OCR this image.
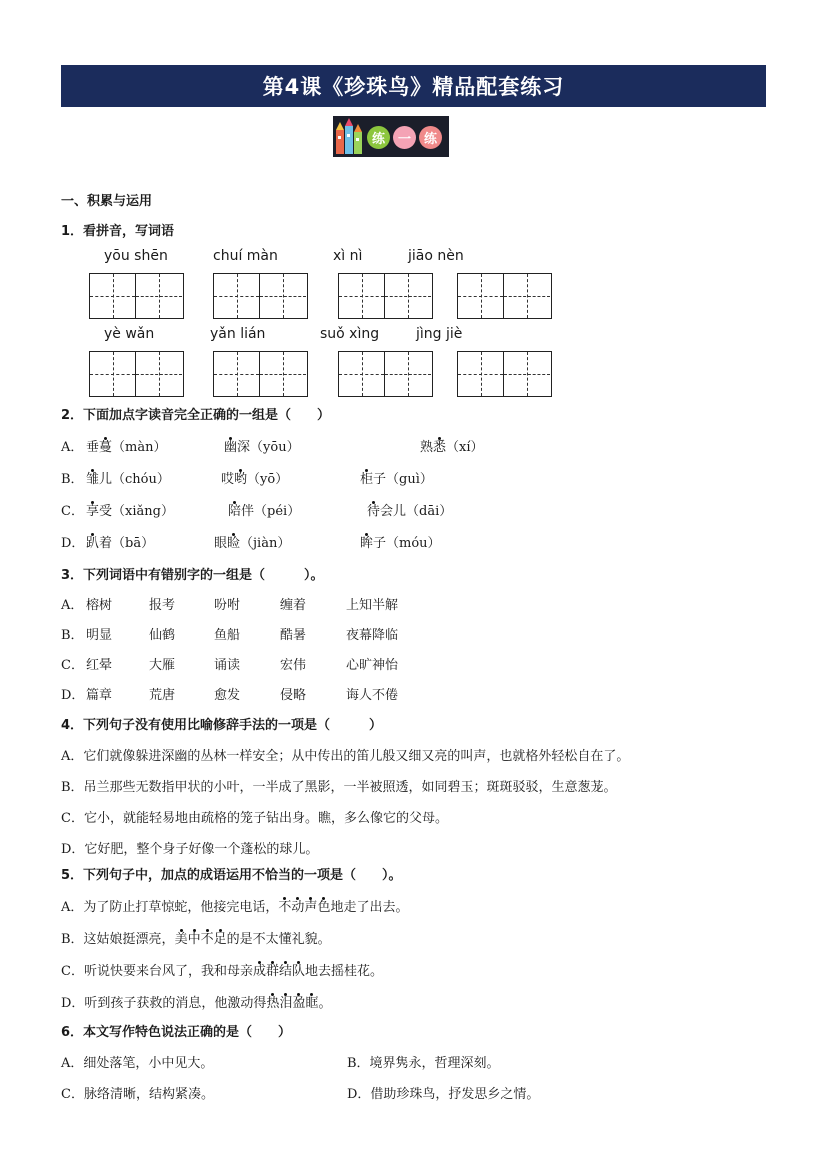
第4课《珍珠鸟》精品配套练习
练 一 练
一、积累与运用
1．看拼音，写词语
yōu shēn	chuí màn	xì nì	jiāo nèn
yè wǎn	yǎn lián	suǒ xìng	jìng jiè
2．下面加点字读音完全正确的一组是（　　）
A． 垂蔓（màn）	幽深（yōu）	熟悉（xí）
B． 雏儿（chóu）	哎哟（yō）	柜子（guì）
C． 享受（xiǎng）	陪伴（péi）	待会儿（dāi）
D． 趴着（bā）	眼睑（jiàn）	眸子（móu）
3．下列词语中有错别字的一组是（　　　）。
A． 榕树	报考	吩咐	缠着	上知半解
B． 明显	仙鹤	鱼船	酷暑	夜幕降临
C． 红晕	大雁	诵读	宏伟	心旷神怡
D． 篇章	荒唐	愈发	侵略	诲人不倦
4．下列句子没有使用比喻修辞手法的一项是（　　　）
A．它们就像躲进深幽的丛林一样安全；从中传出的笛儿般又细又亮的叫声，也就格外轻松自在了。
B．吊兰那些无数指甲状的小叶，一半成了黑影，一半被照透，如同碧玉；斑斑驳驳，生意葱茏。
C．它小，就能轻易地由疏格的笼子钻出身。瞧，多么像它的父母。
D．它好肥，整个身子好像一个蓬松的球儿。
5．下列句子中，加点的成语运用不恰当的一项是（　　）。
A．为了防止打草惊蛇，他接完电话，不动声色地走了出去。
B．这姑娘挺漂亮，美中不足的是不太懂礼貌。
C．听说快要来台风了，我和母亲成群结队地去摇桂花。
D．听到孩子获救的消息，他激动得热泪盈眶。
6．本文写作特色说法正确的是（　　）
A．细处落笔，小中见大。	B．境界隽永，哲理深刻。
C．脉络清晰，结构紧凑。	D．借助珍珠鸟，抒发思乡之情。
